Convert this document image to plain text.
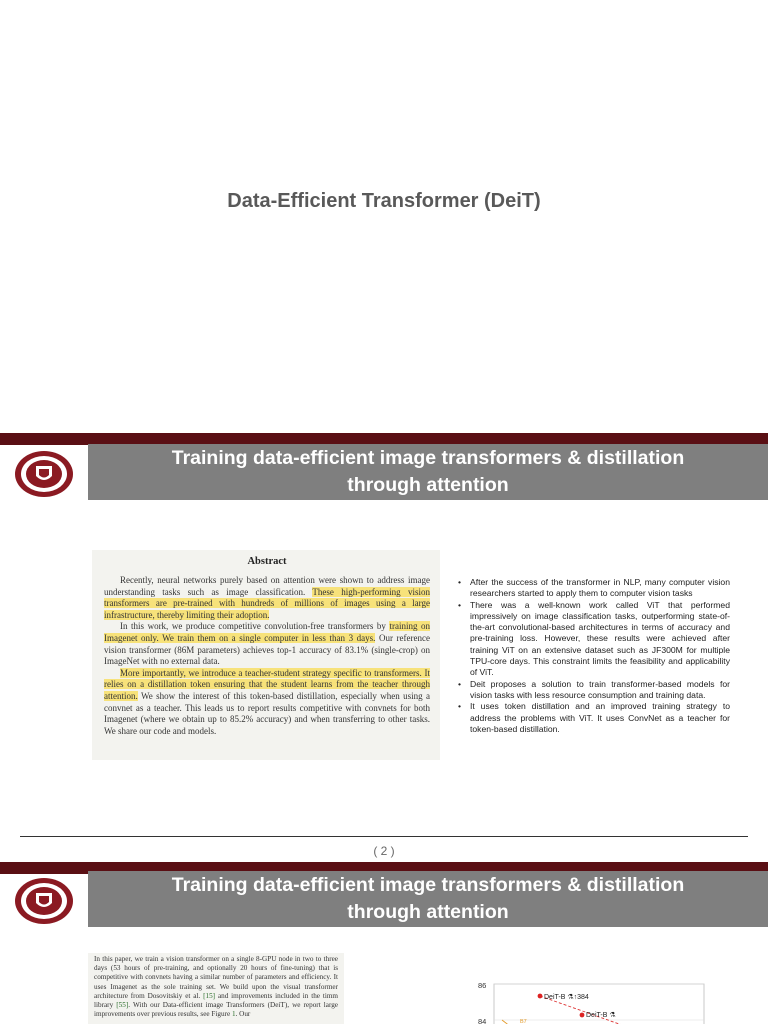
Data-Efficient Transformer (DeiT)
Training data-efficient image transformers & distillation through attention
Abstract

Recently, neural networks purely based on attention were shown to address image understanding tasks such as image classification. These high-performing vision transformers are pre-trained with hundreds of millions of images using a large infrastructure, thereby limiting their adoption.

In this work, we produce competitive convolution-free transformers by training on Imagenet only. We train them on a single computer in less than 3 days. Our reference vision transformer (86M parameters) achieves top-1 accuracy of 83.1% (single-crop) on ImageNet with no external data.

More importantly, we introduce a teacher-student strategy specific to transformers. It relies on a distillation token ensuring that the student learns from the teacher through attention. We show the interest of this token-based distillation, especially when using a convnet as a teacher. This leads us to report results competitive with convnets for both Imagenet (where we obtain up to 85.2% accuracy) and when transferring to other tasks. We share our code and models.

• After the success of the transformer in NLP, many computer vision researchers started to apply them to computer vision tasks
• There was a well-known work called ViT that performed impressively on image classification tasks, outperforming state-of-the-art convolutional-based architectures in terms of accuracy and pre-training loss. However, these results were achieved after training ViT on an extensive dataset such as JF300M for multiple TPU-core days. This constraint limits the feasibility and applicability of ViT.
• Deit proposes a solution to train transformer-based models for vision tasks with less resource consumption and training data.
• It uses token distillation and an improved training strategy to address the problems with ViT. It uses ConvNet as a teacher for token-based distillation.
( 2 )
Training data-efficient image transformers & distillation through attention
In this paper, we train a vision transformer on a single 8-GPU node in two to three days (53 hours of pre-training, and optionally 20 hours of fine-tuning) that is competitive with convnets having a similar number of parameters and efficiency. It uses Imagenet as the sole training set. We build upon the visual transformer architecture from Dosovitskiy et al. [15] and improvements included in the timm library [55]. With our Data-efficient image Transformers (DeiT), we report large improvements over previous results, see Figure 1. Our
86
84
DeiT-B ⚗↑384
DeiT-B ⚗
B7
